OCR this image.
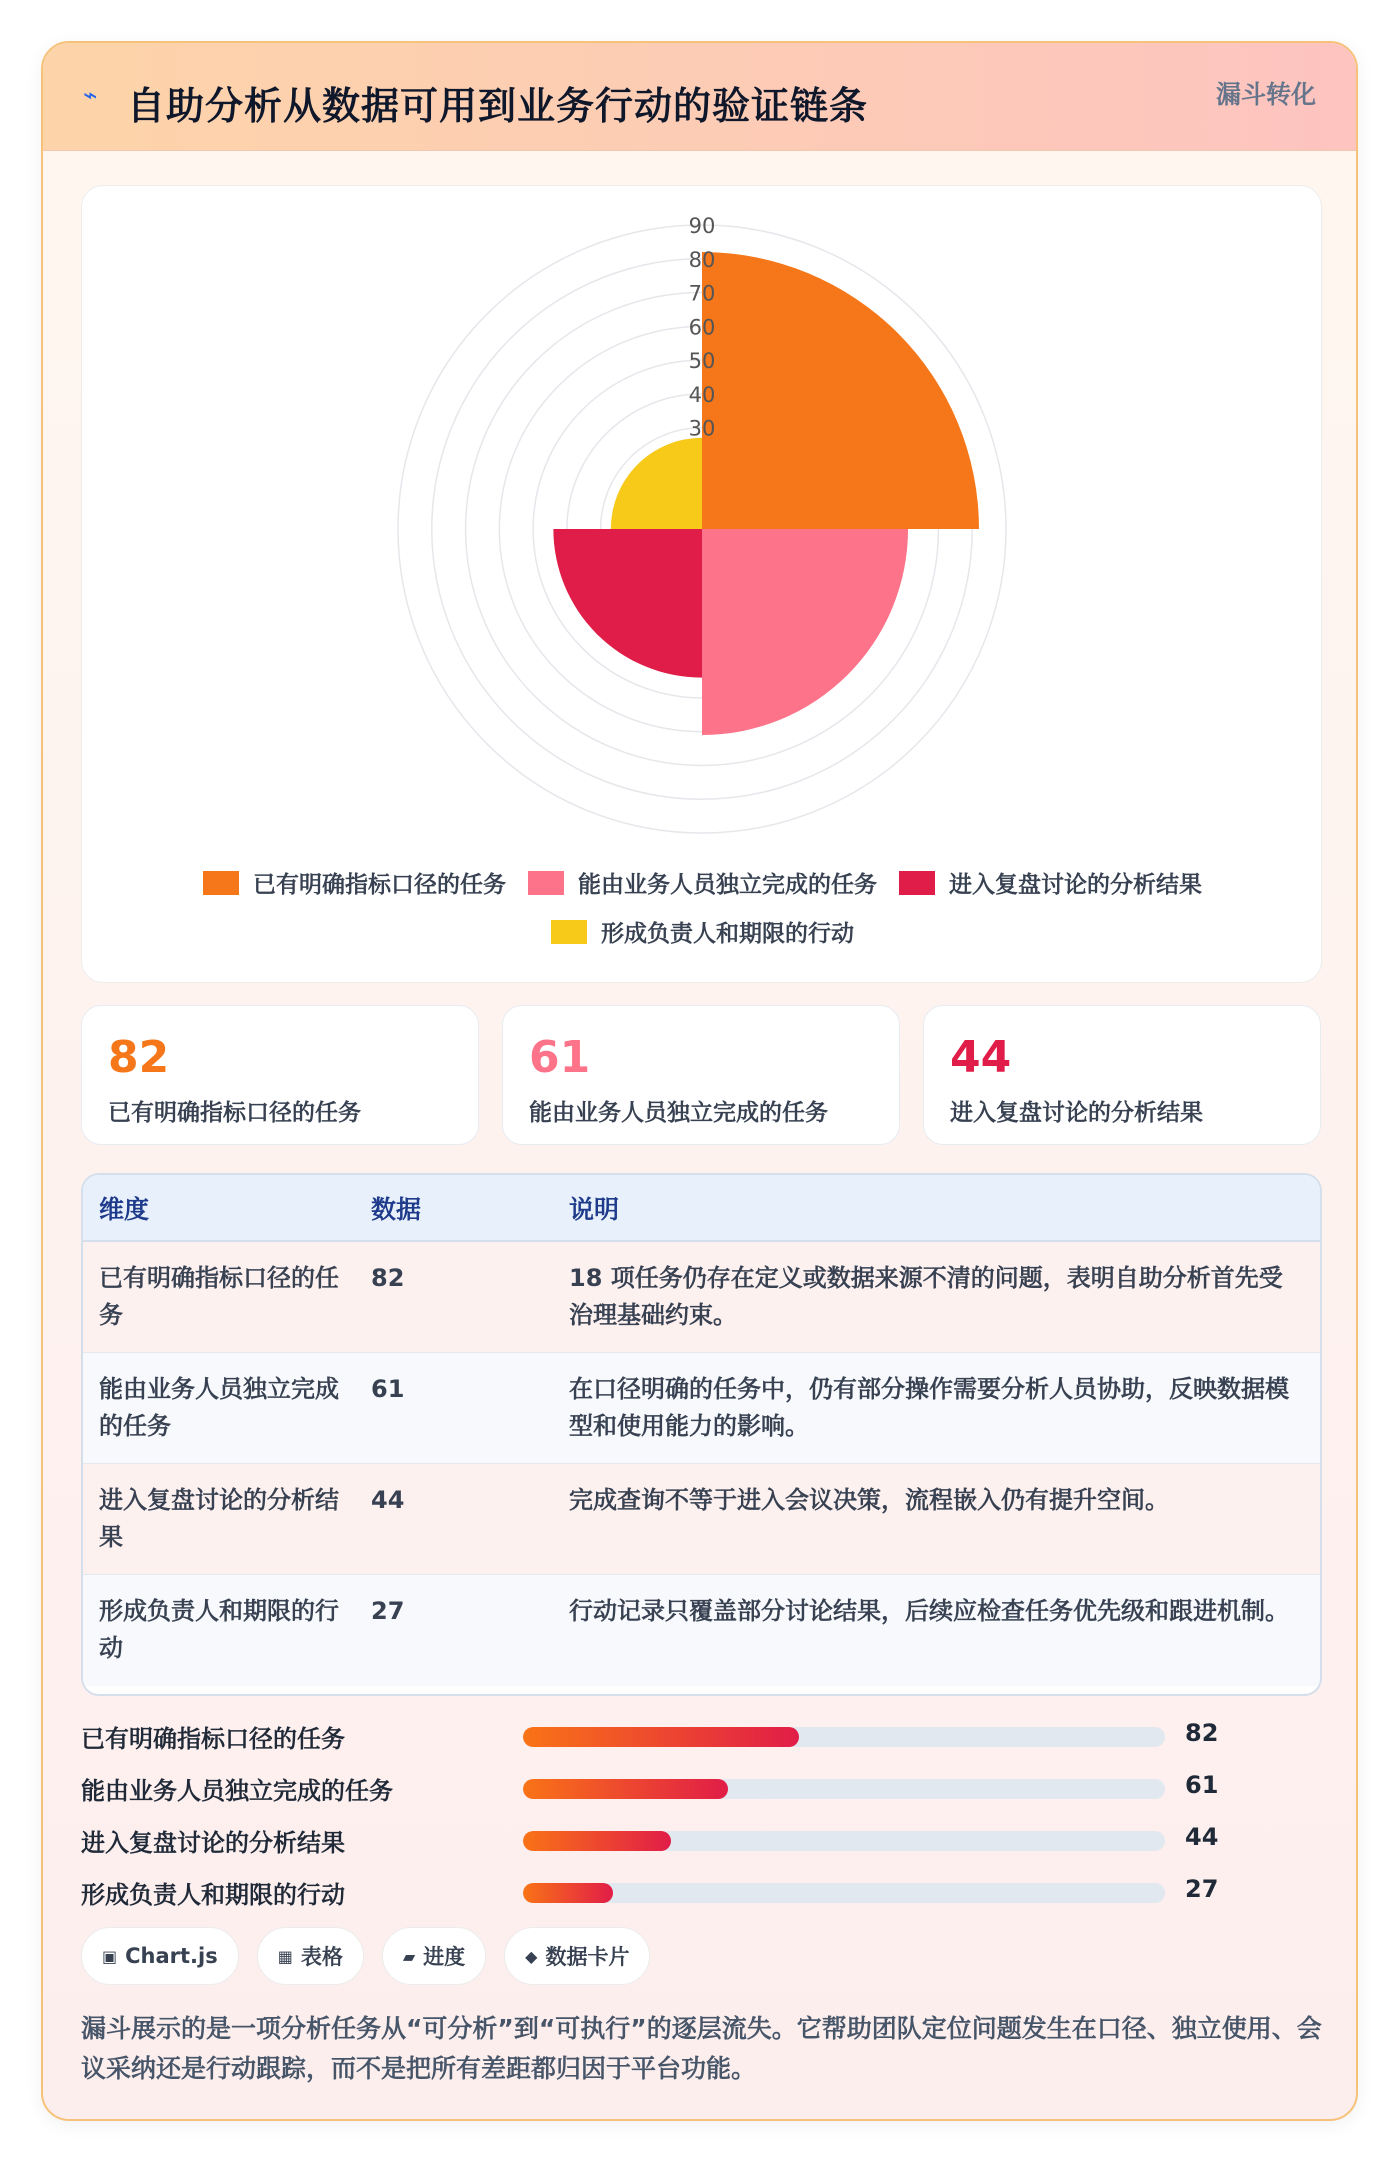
⌁ 自助分析从数据可用到业务行动的验证链条	漏斗转化
30
40
50
60
70
80
90
已有明确指标口径的任务	能由业务人员独立完成的任务	进入复盘讨论的分析结果
形成负责人和期限的行动
82
已有明确指标口径的任务
61
能由业务人员独立完成的任务
44
进入复盘讨论的分析结果
维度	数据	说明
已有明确指标口径的任务	82	18 项任务仍存在定义或数据来源不清的问题，表明自助分析首先受治理基础约束。
能由业务人员独立完成的任务	61	在口径明确的任务中，仍有部分操作需要分析人员协助，反映数据模型和使用能力的影响。
进入复盘讨论的分析结果	44	完成查询不等于进入会议决策，流程嵌入仍有提升空间。
形成负责人和期限的行动	27	行动记录只覆盖部分讨论结果，后续应检查任务优先级和跟进机制。
已有明确指标口径的任务	82
能由业务人员独立完成的任务	61
进入复盘讨论的分析结果	44
形成负责人和期限的行动	27
▣ Chart.js	▦ 表格	▰ 进度	◆ 数据卡片
漏斗展示的是一项分析任务从“可分析”到“可执行”的逐层流失。它帮助团队定位问题发生在口径、独立使用、会议采纳还是行动跟踪，而不是把所有差距都归因于平台功能。
